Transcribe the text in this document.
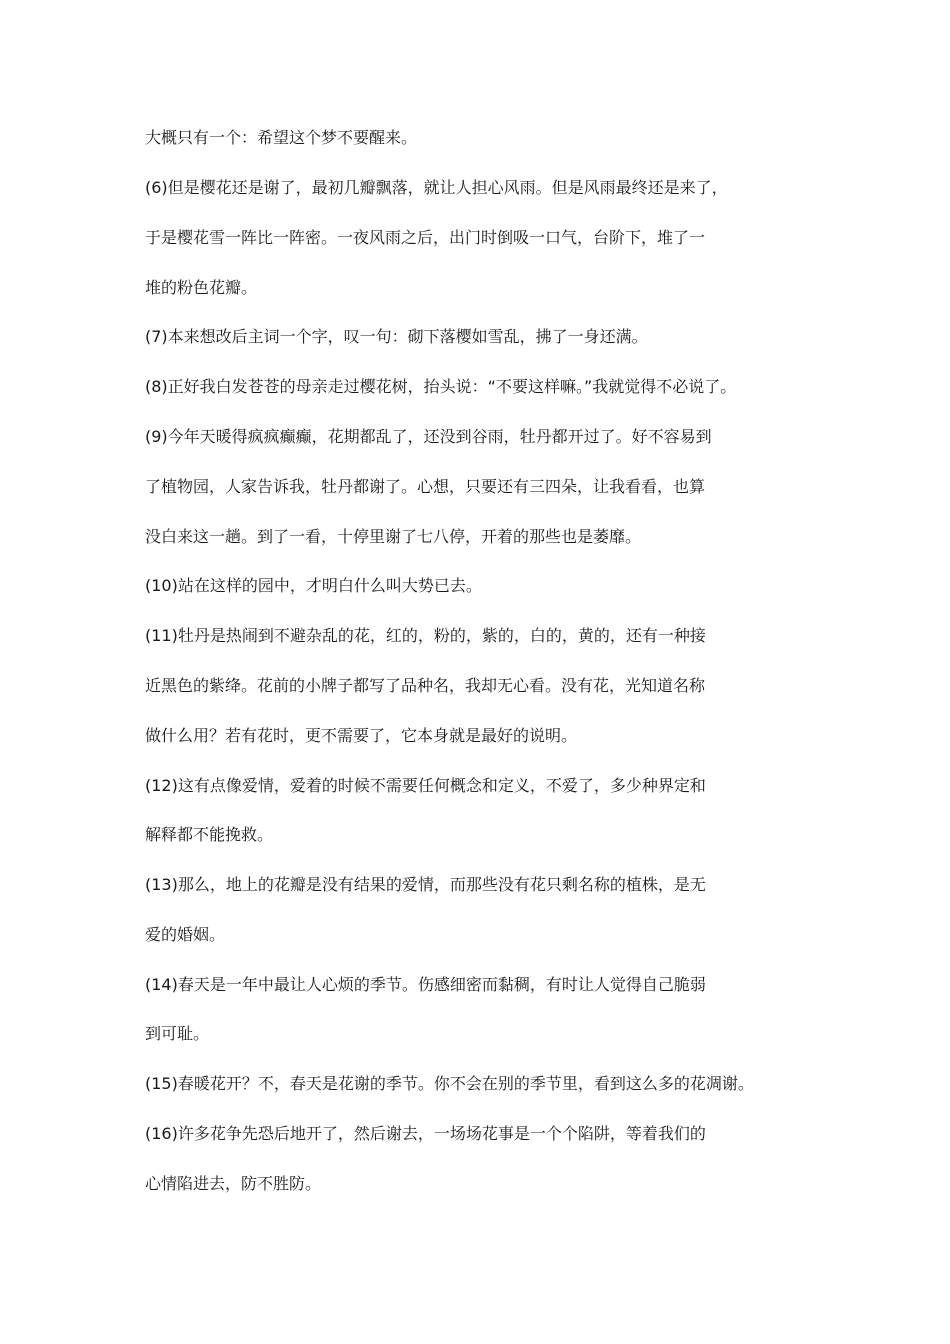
大概只有一个：希望这个梦不要醒来。

(6)但是樱花还是谢了，最初几瓣飘落，就让人担心风雨。但是风雨最终还是来了，

于是樱花雪一阵比一阵密。一夜风雨之后，出门时倒吸一口气，台阶下，堆了一

堆的粉色花瓣。

(7)本来想改后主词一个字，叹一句：砌下落樱如雪乱，拂了一身还满。

(8)正好我白发苍苍的母亲走过樱花树，抬头说：“不要这样嘛。”我就觉得不必说了。

(9)今年天暖得疯疯癫癫，花期都乱了，还没到谷雨，牡丹都开过了。好不容易到

了植物园，人家告诉我，牡丹都谢了。心想，只要还有三四朵，让我看看，也算

没白来这一趟。到了一看，十停里谢了七八停，开着的那些也是萎靡。

(10)站在这样的园中，才明白什么叫大势已去。

(11)牡丹是热闹到不避杂乱的花，红的，粉的，紫的，白的，黄的，还有一种接

近黑色的紫绛。花前的小牌子都写了品种名，我却无心看。没有花，光知道名称

做什么用？若有花时，更不需要了，它本身就是最好的说明。

(12)这有点像爱情，爱着的时候不需要任何概念和定义，不爱了，多少种界定和

解释都不能挽救。

(13)那么，地上的花瓣是没有结果的爱情，而那些没有花只剩名称的植株，是无

爱的婚姻。

(14)春天是一年中最让人心烦的季节。伤感细密而黏稠，有时让人觉得自己脆弱

到可耻。

(15)春暖花开？不，春天是花谢的季节。你不会在别的季节里，看到这么多的花凋谢。

(16)许多花争先恐后地开了，然后谢去，一场场花事是一个个陷阱，等着我们的

心情陷进去，防不胜防。
